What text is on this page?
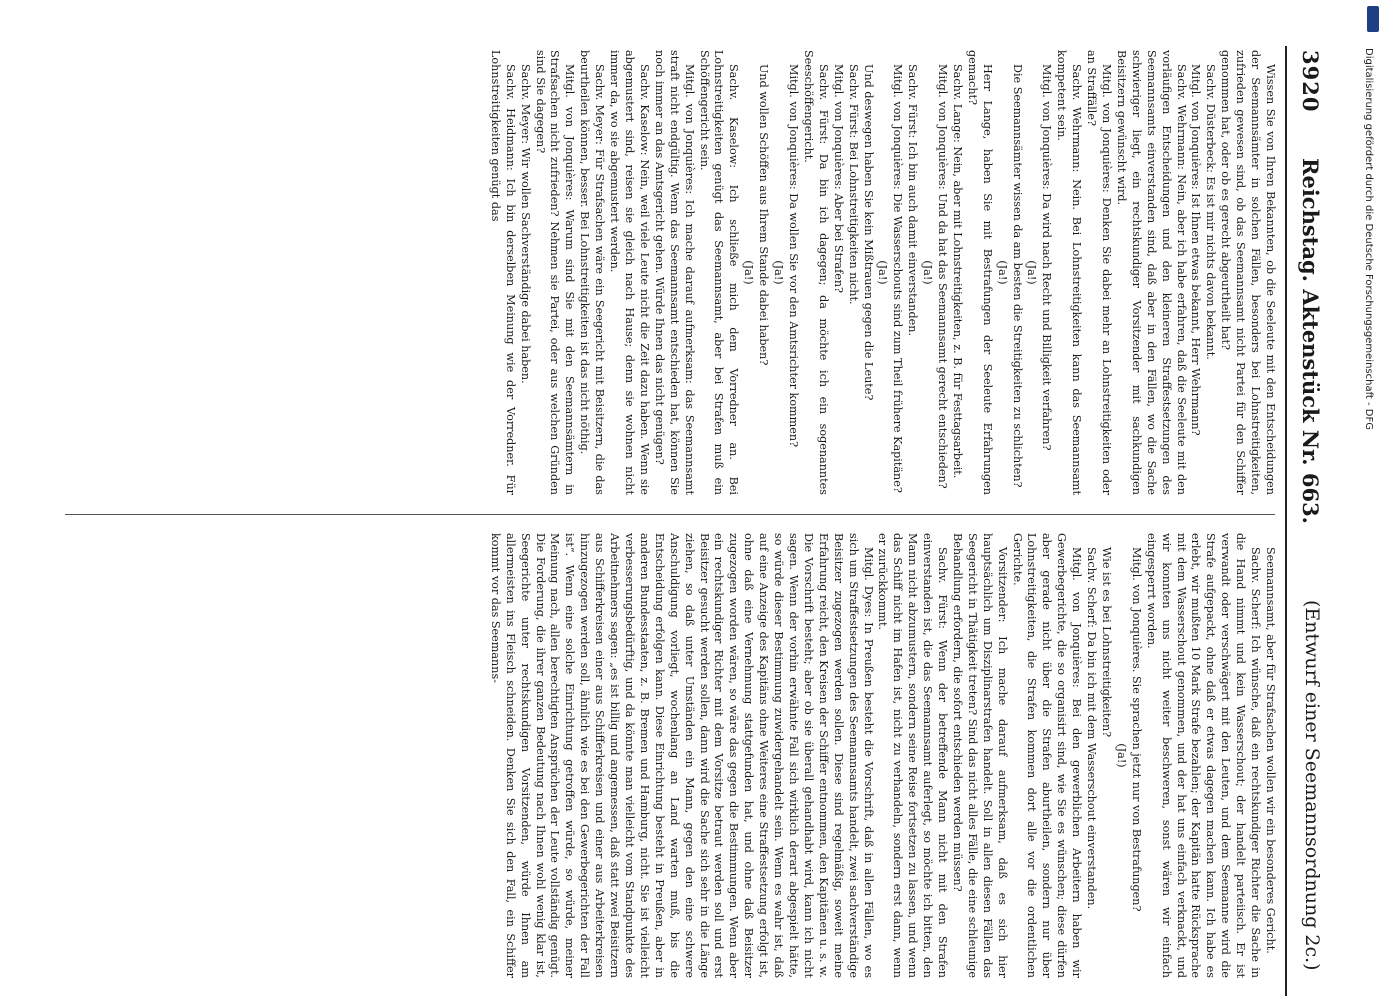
3920
Reichstag. Aktenstück Nr. 663.
(Entwurf einer Seemannsordnung 2c.)

Wissen Sie von Ihren Bekannten, ob die Seeleute mit den Entscheidungen der Seemannsämter in solchen Fällen, besonders bei Lohnstreitigkeiten, zufrieden gewesen sind, ob das Seemannsamt nicht Partei für den Schiffer genommen hat, oder ob es gerecht abgeurtheilt hat?

Sachv. Düsterbeck: Es ist mir nichts davon bekannt.

Mitgl. von Jonquières: Ist Ihnen etwas bekannt, Herr Wehrmann?

Sachv. Wehrmann: Nein, aber ich habe erfahren, daß die Seeleute mit den vorläufigen Entscheidungen und den kleineren Straffestsetzungen des Seemannsamts einverstanden sind, daß aber in den Fällen, wo die Sache schwieriger liegt, ein rechtskundiger Vorsitzender mit sachkundigen Beisitzern gewünscht wird.

Mitgl. von Jonquières: Denken Sie dabei mehr an Lohnstreitigkeiten oder an Straffälle?

Sachv. Wehrmann: Nein. Bei Lohnstreitigkeiten kann das Seemannsamt kompetent sein.

Mitgl. von Jonquières: Da wird nach Recht und Billigkeit verfahren?

(Ja!)

Die Seemannsämter wissen da am besten die Streitigkeiten zu schlichten?

(Ja!)

Herr Lange, haben Sie mit Bestrafungen der Seeleute Erfahrungen gemacht?

Sachv. Lange: Nein, aber mit Lohnstreitigkeiten, z. B. für Festtagsarbeit.

Mitgl. von Jonquières: Und da hat das Seemannsamt gerecht entschieden?

(Ja!)

Sachv. Fürst: Ich bin auch damit einverstanden.

Mitgl. von Jonquières: Die Wasserschouts sind zum Theil frühere Kapitäne?

(Ja!)

Und deswegen haben Sie kein Mißtrauen gegen die Leute?

Sachv. Fürst: Bei Lohnstreitigkeiten nicht.

Mitgl. von Jonquières: Aber bei Strafen?

Sachv. Fürst: Da bin ich dagegen; da möchte ich ein sogenanntes Seeschöffengericht.

Mitgl. von Jonquières: Da wollen Sie vor den Amtsrichter kommen?

(Ja!)

Und wollen Schöffen aus Ihrem Stande dabei haben?

(Ja!)

Sachv. Kaselow: Ich schließe mich dem Vorredner an. Bei Lohnstreitigkeiten genügt das Seemannsamt, aber bei Strafen muß ein Schöffengericht sein.

Mitgl. von Jonquières: Ich mache darauf aufmerksam: das Seemannsamt straft nicht endgültig. Wenn das Seemannsamt entschieden hat, können Sie noch immer an das Amtsgericht gehen. Würde Ihnen das nicht genügen?

Sachv. Kaselow: Nein, weil viele Leute nicht die Zeit dazu haben. Wenn sie abgemustert sind, reisen sie gleich nach Hause; denn sie wohnen nicht immer da, wo sie abgemustert werden.

Sachv. Meyer: Für Strafsachen wäre ein Seegericht mit Beisitzern, die das beurtheilen können, besser. Bei Lohnstreitigkeiten ist das nicht nöthig.

Mitgl. von Jonquières: Warum sind Sie mit den Seemannsämtern in Strafsachen nicht zufrieden? Nehmen sie Partei, oder aus welchen Gründen sind Sie dagegen?

Sachv. Meyer: Wir wollen Sachverständige dabei haben.

Sachv. Heidmann: Ich bin derselben Meinung wie der Vorredner. Für Lohnstreitigkeiten genügt das

Seemannsamt, aber für Strafsachen wollen wir ein besonderes Gericht.

Sachv. Scherf: Ich wünsche, daß ein rechtskundiger Richter die Sache in die Hand nimmt und kein Wasserschout; der handelt parteiisch. Er ist verwandt oder verschwägert mit den Leuten, und dem Seemanne wird die Strafe aufgepackt, ohne daß er etwas dagegen machen kann. Ich habe es erlebt, wir mußten 10 Mark Strafe bezahlen; der Kapitän hatte Rücksprache mit dem Wasserschout genommen, und der hat uns einfach verknackt, und wir konnten uns nicht weiter beschweren, sonst wären wir einfach eingesperrt worden.

Mitgl. von Jonquières. Sie sprachen jetzt nur von Bestrafungen?

(Ja!)

Wie ist es bei Lohnstreitigkeiten?

Sachv. Scherf: Da bin ich mit dem Wasserschout einverstanden.

Mitgl. von Jonquières: Bei den gewerblichen Arbeitern haben wir Gewerbegerichte, die so organisirt sind, wie Sie es wünschen; diese dürfen aber gerade nicht über die Strafen aburtheilen, sondern nur über Lohnstreitigkeiten, die Strafen kommen dort alle vor die ordentlichen Gerichte.

Vorsitzender: Ich mache darauf aufmerksam, daß es sich hier hauptsächlich um Disziplinarstrafen handelt. Soll in allen diesen Fällen das Seegericht in Thätigkeit treten? Sind das nicht alles Fälle, die eine schleunige Behandlung erfordern, die sofort entschieden werden müssen?

Sachv. Fürst: Wenn der betreffende Mann nicht mit den Strafen einverstanden ist, die das Seemannsamt auferlegt, so möchte ich bitten, den Mann nicht abzumustern, sondern seine Reise fortsetzen zu lassen, und wenn das Schiff nicht im Hafen ist, nicht zu verhandeln, sondern erst dann, wenn er zurückkommt.

Mitgl. Dyes: In Preußen besteht die Vorschrift, daß in allen Fällen, wo es sich um Straffestsetzungen des Seemannsamts handelt, zwei sachverständige Beisitzer zugezogen werden sollen. Diese sind regelmäßig, soweit meine Erfahrung reicht, den Kreisen der Schiffer entnommen, den Kapitänen u. s. w. Die Vorschrift besteht; aber ob sie überall gehandhabt wird, kann ich nicht sagen. Wenn der vorhin erwähnte Fall sich wirklich derart abgespielt hätte, so würde dieser Bestimmung zuwidergehandelt sein. Wenn es wahr ist, daß auf eine Anzeige des Kapitäns ohne Weiteres eine Straffestsetzung erfolgt ist, ohne daß eine Vernehmung stattgefunden hat, und ohne daß Beisitzer zugezogen worden wären, so wäre das gegen die Bestimmungen. Wenn aber ein rechtskundiger Richter mit dem Vorsitze betraut werden soll und erst Beisitzer gesucht werden sollen, dann wird die Sache sich sehr in die Länge ziehen, so daß unter Umständen ein Mann, gegen den eine schwere Anschuldigung vorliegt, wochenlang an Land warten muß, bis die Entscheidung erfolgen kann. Diese Einrichtung besteht in Preußen, aber in anderen Bundesstaaten, z. B. Bremen und Hamburg, nicht. Sie ist vielleicht verbesserungsbedürftig, und da könnte man vielleicht vom Standpunkte des Arbeitnehmers sagen: „es ist billig und angemessen, daß statt zwei Beisitzern aus Schifferkreisen einer aus Schifferkreisen und einer aus Arbeiterkreisen hinzugezogen werden soll, ähnlich wie es bei den Gewerbegerichten der Fall ist“. Wenn eine solche Einrichtung getroffen würde, so würde, meiner Meinung nach, allen berechtigten Ansprüchen der Leute vollständig genügt. Die Forderung, die ihrer ganzen Bedeutung nach Ihnen wohl wenig klar ist, Seegerichte unter rechtskundigen Vorsitzenden, würde Ihnen am allermeisten ins Fleisch schneiden. Denken Sie sich den Fall, ein Schiffer kommt vor das Seemanns-

Digitalisierung gefördert durch die Deutsche Forschungsgemeinschaft - DFG
